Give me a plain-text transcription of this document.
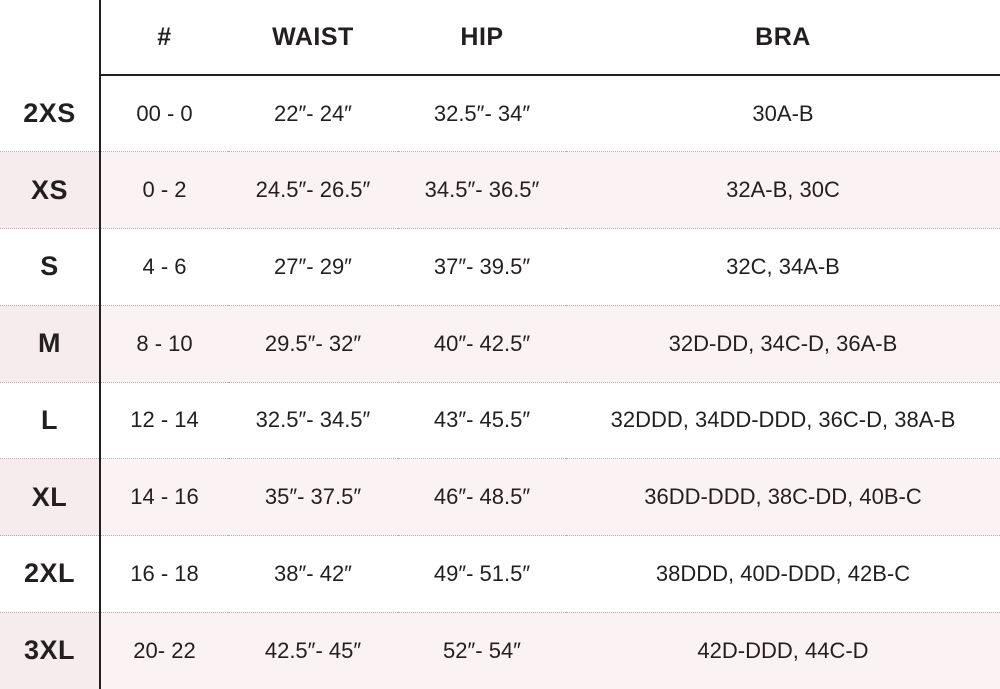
	#	WAIST	HIP	BRA
2XS	00 - 0	22″- 24″	32.5″- 34″	30A-B
XS	0 - 2	24.5″- 26.5″	34.5″- 36.5″	32A-B, 30C
S	4 - 6	27″- 29″	37″- 39.5″	32C, 34A-B
M	8 - 10	29.5″- 32″	40″- 42.5″	32D-DD, 34C-D, 36A-B
L	12 - 14	32.5″- 34.5″	43″- 45.5″	32DDD, 34DD-DDD, 36C-D, 38A-B
XL	14 - 16	35″- 37.5″	46″- 48.5″	36DD-DDD, 38C-DD, 40B-C
2XL	16 - 18	38″- 42″	49″- 51.5″	38DDD, 40D-DDD, 42B-C
3XL	20- 22	42.5″- 45″	52″- 54″	42D-DDD, 44C-D
